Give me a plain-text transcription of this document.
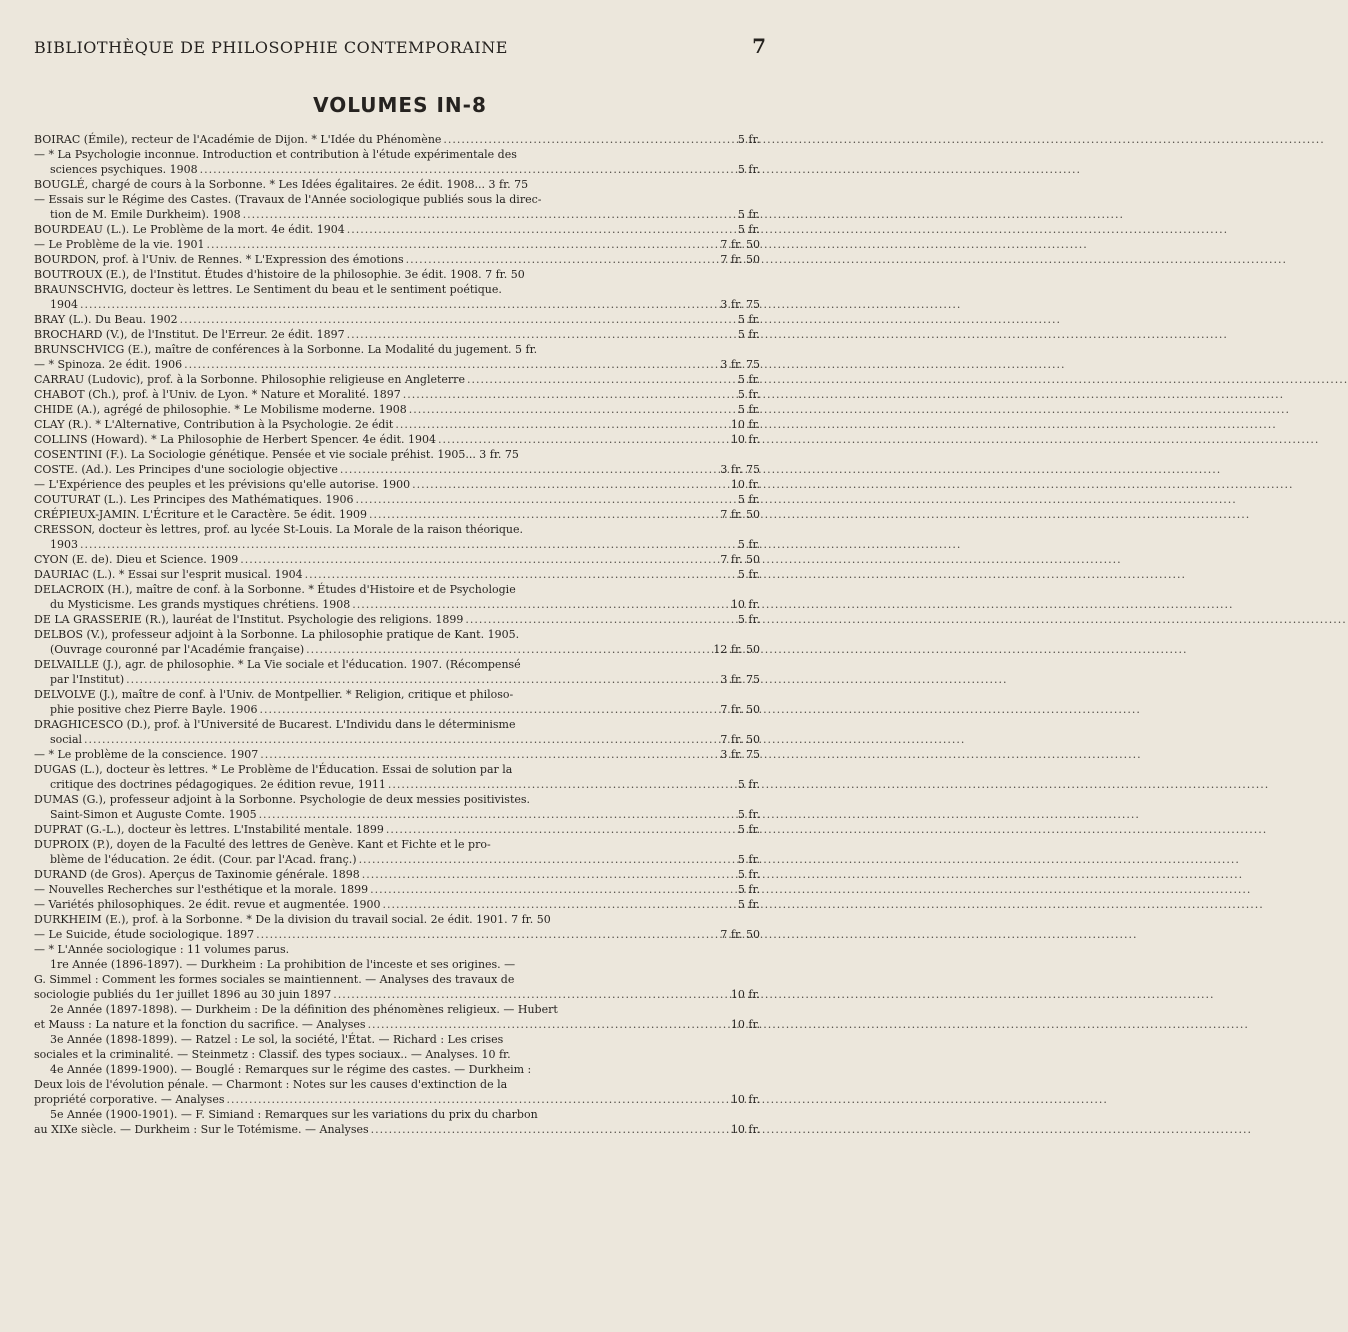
BIBLIOTHÈQUE DE PHILOSOPHIE CONTEMPORAINE	7
VOLUMES IN-8
BOIRAC (Émile), recteur de l'Académie de Dijon. * L'Idée du Phénomène .....	5 fr.
— * La Psychologie inconnue. Introduction et contribution à l'étude expérimentale des
sciences psychiques. 1908 .....	5 fr.
BOUGLÉ, chargé de cours à la Sorbonne. * Les Idées égalitaires. 2e édit. 1908... 3 fr. 75
— Essais sur le Régime des Castes. (Travaux de l'Année sociologique publiés sous la direc-
tion de M. Emile Durkheim). 1908 .....	5 fr.
BOURDEAU (L.). Le Problème de la mort. 4e édit. 1904 .....	5 fr.
— Le Problème de la vie. 1901 .....	7 fr. 50
BOURDON, prof. à l'Univ. de Rennes. * L'Expression des émotions .....	7 fr. 50
BOUTROUX (E.), de l'Institut. Études d'histoire de la philosophie. 3e édit. 1908. 7 fr. 50
BRAUNSCHVIG, docteur ès lettres. Le Sentiment du beau et le sentiment poétique.
1904 .....	3 fr. 75
BRAY (L.). Du Beau. 1902 .....	5 fr.
BROCHARD (V.), de l'Institut. De l'Erreur. 2e édit. 1897 .....	5 fr.
BRUNSCHVICG (E.), maître de conférences à la Sorbonne. La Modalité du jugement. 5 fr.
— * Spinoza. 2e édit. 1906 .....	3 fr. 75
CARRAU (Ludovic), prof. à la Sorbonne. Philosophie religieuse en Angleterre .....	5 fr.
CHABOT (Ch.), prof. à l'Univ. de Lyon. * Nature et Moralité. 1897 .....	5 fr.
CHIDE (A.), agrégé de philosophie. * Le Mobilisme moderne. 1908 .....	5 fr.
CLAY (R.). * L'Alternative, Contribution à la Psychologie. 2e édit .....	10 fr.
COLLINS (Howard). * La Philosophie de Herbert Spencer. 4e édit. 1904 .....	10 fr.
COSENTINI (F.). La Sociologie génétique. Pensée et vie sociale préhist. 1905... 3 fr. 75
COSTE. (Ad.). Les Principes d'une sociologie objective .....	3 fr. 75
— L'Expérience des peuples et les prévisions qu'elle autorise. 1900 .....	10 fr.
COUTURAT (L.). Les Principes des Mathématiques. 1906 .....	5 fr.
CRÉPIEUX-JAMIN. L'Écriture et le Caractère. 5e édit. 1909 .....	7 fr. 50
CRESSON, docteur ès lettres, prof. au lycée St-Louis. La Morale de la raison théorique.
1903 .....	5 fr.
CYON (E. de). Dieu et Science. 1909 .....	7 fr. 50
DAURIAC (L.). * Essai sur l'esprit musical. 1904 .....	5 fr.
DELACROIX (H.), maître de conf. à la Sorbonne. * Études d'Histoire et de Psychologie
du Mysticisme. Les grands mystiques chrétiens. 1908 .....	10 fr.
DE LA GRASSERIE (R.), lauréat de l'Institut. Psychologie des religions. 1899 .....	5 fr.
DELBOS (V.), professeur adjoint à la Sorbonne. La philosophie pratique de Kant. 1905.
(Ouvrage couronné par l'Académie française) .....	12 fr. 50
DELVAILLE (J.), agr. de philosophie. * La Vie sociale et l'éducation. 1907. (Récompensé
par l'Institut) .....	3 fr. 75
DELVOLVE (J.), maître de conf. à l'Univ. de Montpellier. * Religion, critique et philoso-
phie positive chez Pierre Bayle. 1906 .....	7 fr. 50
DRAGHICESCO (D.), prof. à l'Université de Bucarest. L'Individu dans le déterminisme
social .....	7 fr. 50
— * Le problème de la conscience. 1907 .....	3 fr. 75
DUGAS (L.), docteur ès lettres. * Le Problème de l'Éducation. Essai de solution par la
critique des doctrines pédagogiques. 2e édition revue, 1911 .....	5 fr.
DUMAS (G.), professeur adjoint à la Sorbonne. Psychologie de deux messies positivistes.
Saint-Simon et Auguste Comte. 1905 .....	5 fr.
DUPRAT (G.-L.), docteur ès lettres. L'Instabilité mentale. 1899 .....	5 fr.
DUPROIX (P.), doyen de la Faculté des lettres de Genève. Kant et Fichte et le pro-
blème de l'éducation. 2e édit. (Cour. par l'Acad. franç.) .....	5 fr.
DURAND (de Gros). Aperçus de Taxinomie générale. 1898 .....	5 fr.
— Nouvelles Recherches sur l'esthétique et la morale. 1899 .....	5 fr.
— Variétés philosophiques. 2e édit. revue et augmentée. 1900 .....	5 fr.
DURKHEIM (E.), prof. à la Sorbonne. * De la division du travail social. 2e édit. 1901. 7 fr. 50
— Le Suicide, étude sociologique. 1897 .....	7 fr. 50
— * L'Année sociologique : 11 volumes parus.
1re Année (1896-1897). — Durkheim : La prohibition de l'inceste et ses origines. —
G. Simmel : Comment les formes sociales se maintiennent. — Analyses des travaux de
sociologie publiés du 1er juillet 1896 au 30 juin 1897 .....	10 fr.
2e Année (1897-1898). — Durkheim : De la définition des phénomènes religieux. — Hubert
et Mauss : La nature et la fonction du sacrifice. — Analyses .....	10 fr.
3e Année (1898-1899). — Ratzel : Le sol, la société, l'État. — Richard : Les crises
sociales et la criminalité. — Steinmetz : Classif. des types sociaux.. — Analyses. 10 fr.
4e Année (1899-1900). — Bouglé : Remarques sur le régime des castes. — Durkheim :
Deux lois de l'évolution pénale. — Charmont : Notes sur les causes d'extinction de la
propriété corporative. — Analyses .....	10 fr.
5e Année (1900-1901). — F. Simiand : Remarques sur les variations du prix du charbon
au XIXe siècle. — Durkheim : Sur le Totémisme. — Analyses .....	10 fr.
